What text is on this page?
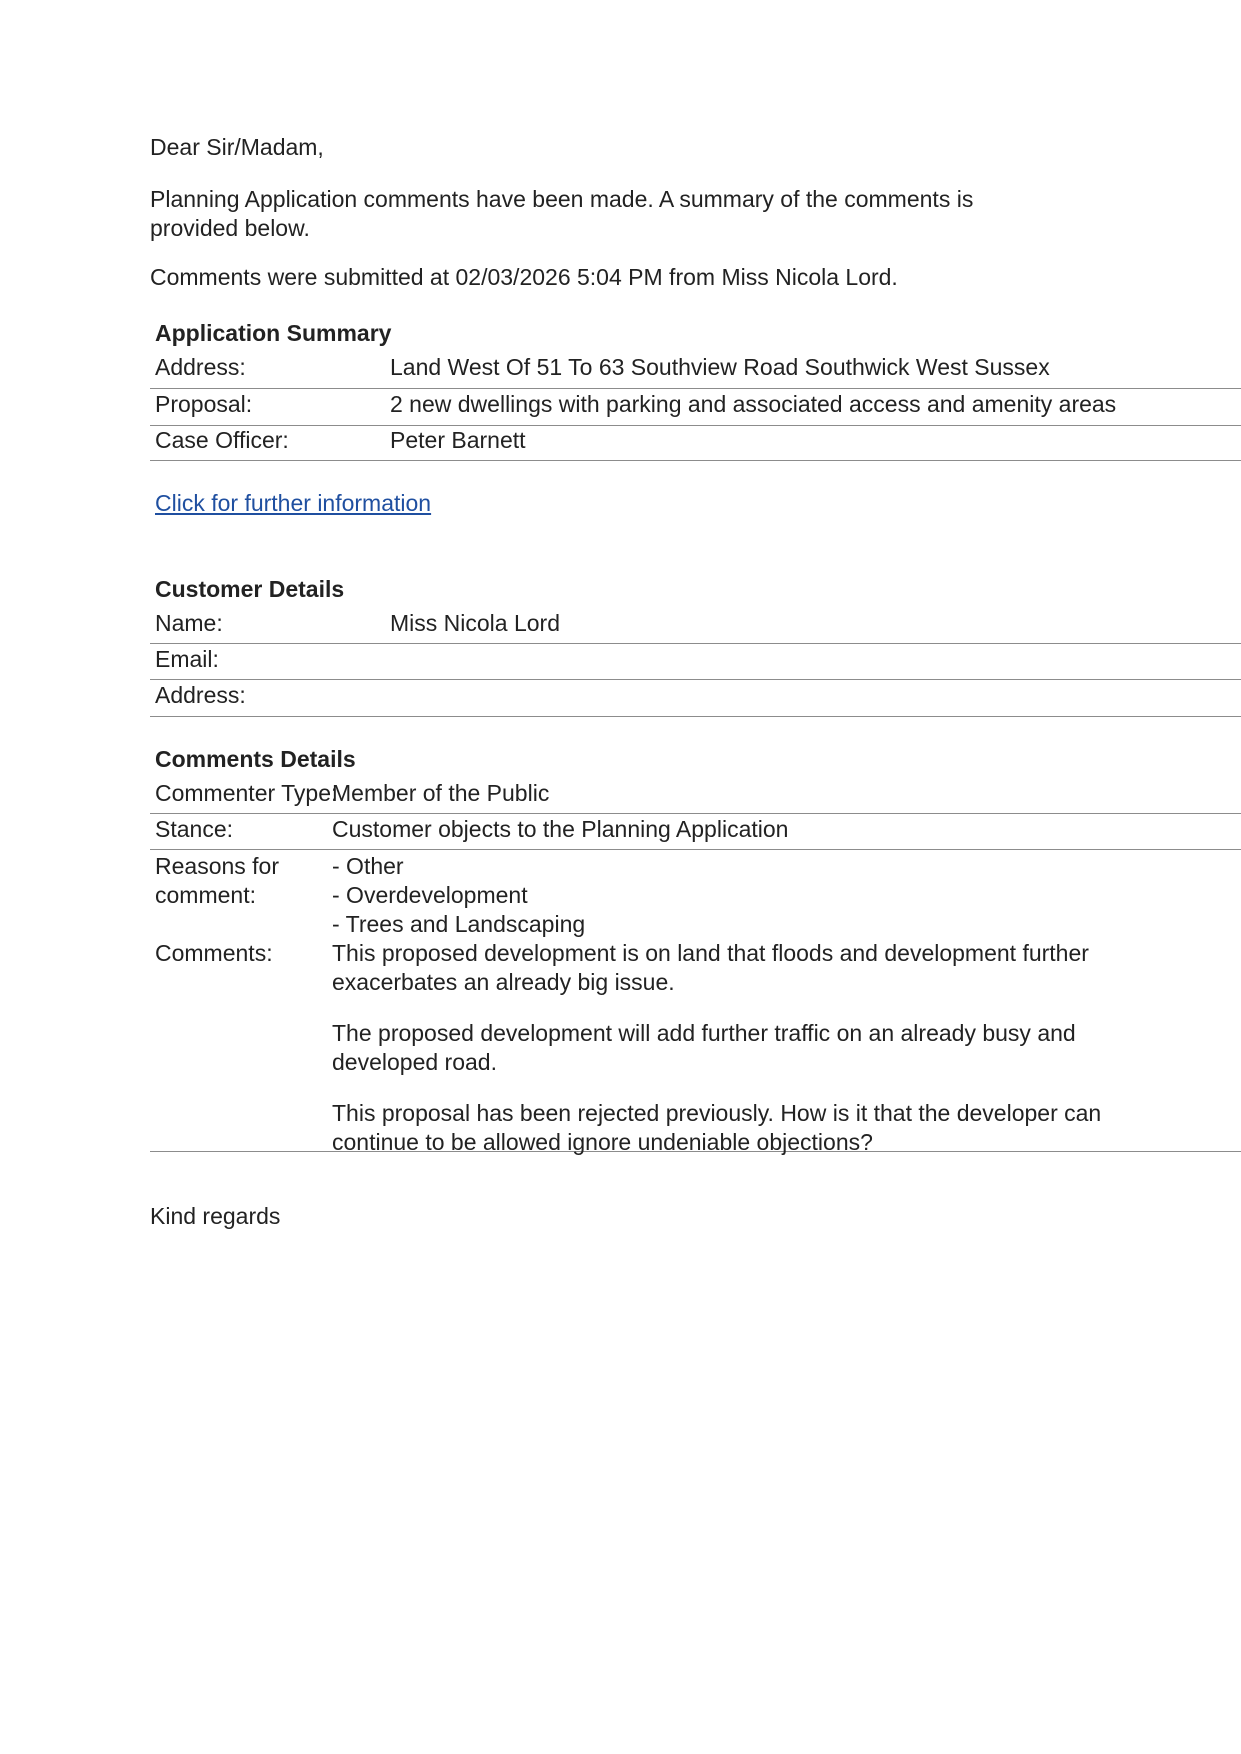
Dear Sir/Madam,

Planning Application comments have been made. A summary of the comments is
provided below.

Comments were submitted at 02/03/2026 5:04 PM from Miss Nicola Lord.

Application Summary

Address:	Land West Of 51 To 63 Southview Road Southwick West Sussex
Proposal:	2 new dwellings with parking and associated access and amenity areas
Case Officer:	Peter Barnett
Click for further information

Customer Details

Name:	Miss Nicola Lord
Email:
Address:

Comments Details

Commenter Type:
Member of the Public
Stance:	Customer objects to the Planning Application
Reasons for
comment:
- Other
- Overdevelopment
- Trees and Landscaping
Comments:	This proposed development is on land that floods and development further
exacerbates an already big issue.
The proposed development will add further traffic on an already busy and
developed road.
This proposal has been rejected previously. How is it that the developer can
continue to be allowed ignore undeniable objections?

Kind regards
